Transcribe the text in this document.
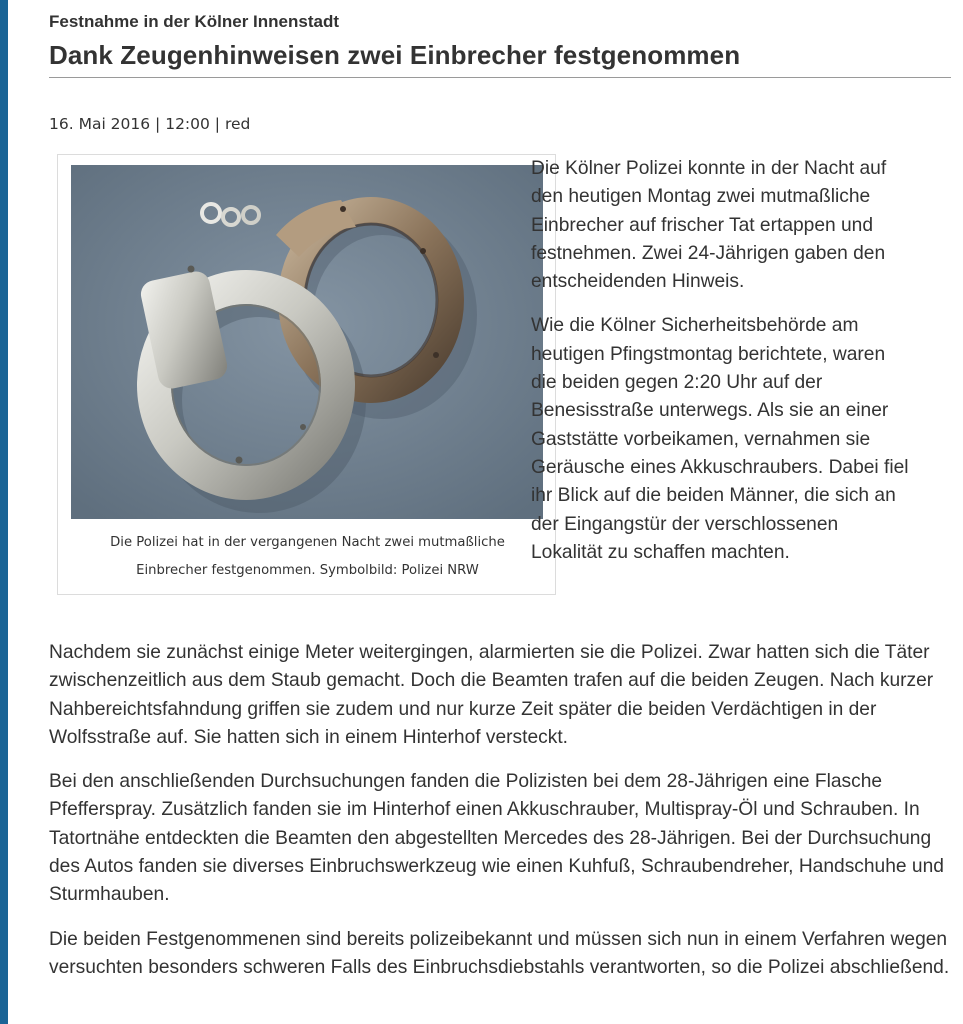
Festnahme in der Kölner Innenstadt
Dank Zeugenhinweisen zwei Einbrecher festgenommen
16. Mai 2016 | 12:00 | red
Die Polizei hat in der vergangenen Nacht zwei mutmaßliche
Einbrecher festgenommen. Symbolbild: Polizei NRW

Die Kölner Polizei konnte in der Nacht auf den heutigen Montag zwei mutmaßliche Einbrecher auf frischer Tat ertappen und festnehmen. Zwei 24-Jährigen gaben den entscheidenden Hinweis.

Wie die Kölner Sicherheitsbehörde am heutigen Pfingstmontag berichtete, waren die beiden gegen 2:20 Uhr auf der Benesisstraße unterwegs. Als sie an einer Gaststätte vorbeikamen, vernahmen sie Geräusche eines Akkuschraubers. Dabei fiel ihr Blick auf die beiden Männer, die sich an der Eingangstür der verschlossenen Lokalität zu schaffen machten.

Nachdem sie zunächst einige Meter weitergingen, alarmierten sie die Polizei. Zwar hatten sich die Täter zwischenzeitlich aus dem Staub gemacht. Doch die Beamten trafen auf die beiden Zeugen. Nach kurzer Nahbereichtsfahndung griffen sie zudem und nur kurze Zeit später die beiden Verdächtigen in der Wolfsstraße auf. Sie hatten sich in einem Hinterhof versteckt.

Bei den anschließenden Durchsuchungen fanden die Polizisten bei dem 28-Jährigen eine Flasche Pfefferspray. Zusätzlich fanden sie im Hinterhof einen Akkuschrauber, Multispray-Öl und Schrauben. In Tatortnähe entdeckten die Beamten den abgestellten Mercedes des 28-Jährigen. Bei der Durchsuchung des Autos fanden sie diverses Einbruchswerkzeug wie einen Kuhfuß, Schraubendreher, Handschuhe und Sturmhauben.

Die beiden Festgenommenen sind bereits polizeibekannt und müssen sich nun in einem Verfahren wegen versuchten besonders schweren Falls des Einbruchsdiebstahls verantworten, so die Polizei abschließend.
